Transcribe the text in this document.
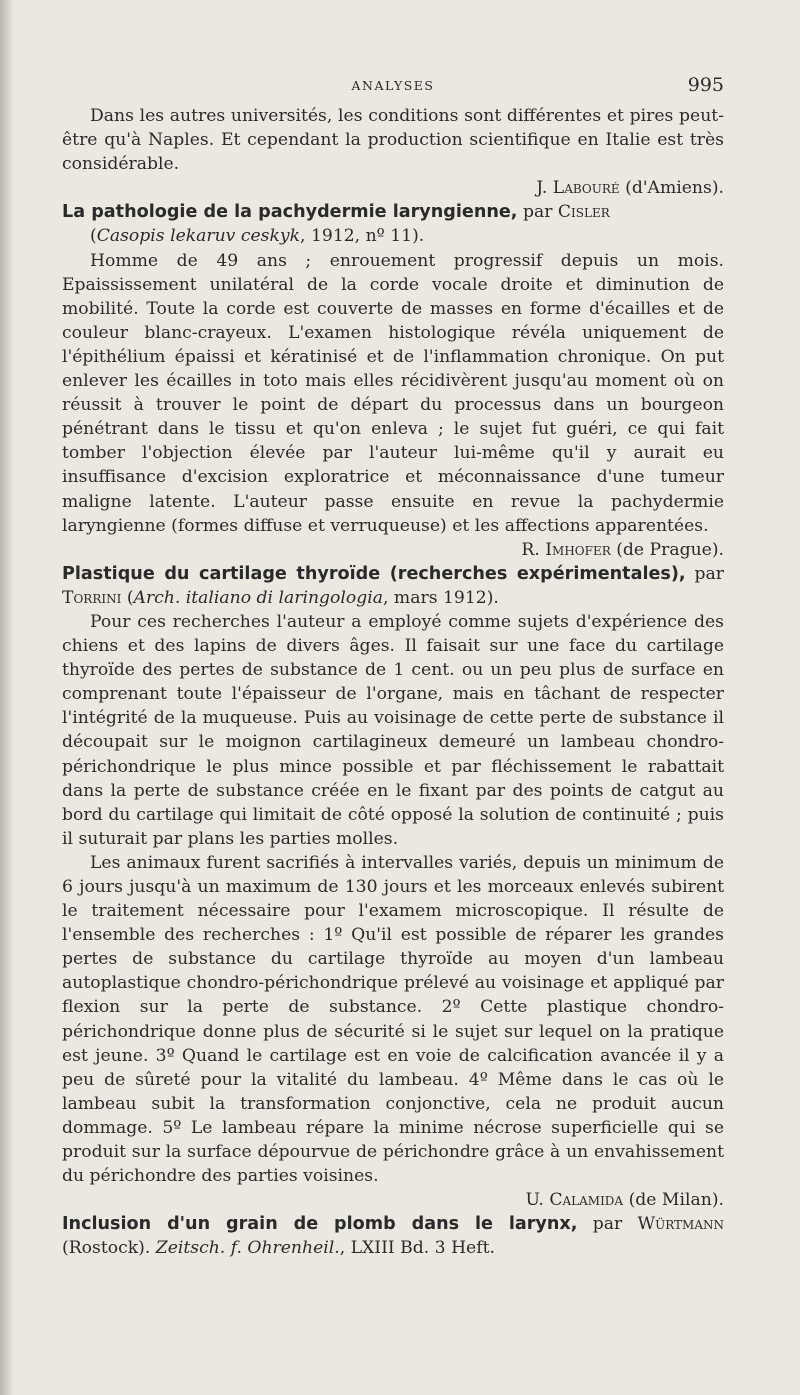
ANALYSES	995

Dans les autres universités, les conditions sont différentes et pires peut-être qu'à Naples. Et cependant la production scientifique en Italie est très considérable.

J. Labouré (d'Amiens).

La pathologie de la pachydermie laryngienne, par Cisler

(Casopis lekaruv ceskyk, 1912, nº 11).

Homme de 49 ans ; enrouement progressif depuis un mois. Epaississement unilatéral de la corde vocale droite et diminution de mobilité. Toute la corde est couverte de masses en forme d'écailles et de couleur blanc-crayeux. L'examen histologique révéla uniquement de l'épithélium épaissi et kératinisé et de l'inflammation chronique. On put enlever les écailles in toto mais elles récidivèrent jusqu'au moment où on réussit à trouver le point de départ du processus dans un bourgeon pénétrant dans le tissu et qu'on enleva ; le sujet fut guéri, ce qui fait tomber l'objection élevée par l'auteur lui-même qu'il y aurait eu insuffisance d'excision exploratrice et méconnaissance d'une tumeur maligne latente. L'auteur passe ensuite en revue la pachydermie laryngienne (formes diffuse et verruqueuse) et les affections apparentées.

R. Imhofer (de Prague).

Plastique du cartilage thyroïde (recherches expérimentales), par Torrini (Arch. italiano di laringologia, mars 1912).

Pour ces recherches l'auteur a employé comme sujets d'expérience des chiens et des lapins de divers âges. Il faisait sur une face du cartilage thyroïde des pertes de substance de 1 cent. ou un peu plus de surface en comprenant toute l'épaisseur de l'organe, mais en tâchant de respecter l'intégrité de la muqueuse. Puis au voisinage de cette perte de substance il découpait sur le moignon cartilagineux demeuré un lambeau chondro-périchondrique le plus mince possible et par fléchissement le rabattait dans la perte de substance créée en le fixant par des points de catgut au bord du cartilage qui limitait de côté opposé la solution de continuité ; puis il suturait par plans les parties molles.

Les animaux furent sacrifiés à intervalles variés, depuis un minimum de 6 jours jusqu'à un maximum de 130 jours et les morceaux enlevés subirent le traitement nécessaire pour l'examem microscopique. Il résulte de l'ensemble des recherches : 1º Qu'il est possible de réparer les grandes pertes de substance du cartilage thyroïde au moyen d'un lambeau autoplastique chondro-périchondrique prélevé au voisinage et appliqué par flexion sur la perte de substance. 2º Cette plastique chondro-périchondrique donne plus de sécurité si le sujet sur lequel on la pratique est jeune. 3º Quand le cartilage est en voie de calcification avancée il y a peu de sûreté pour la vitalité du lambeau. 4º Même dans le cas où le lambeau subit la transformation conjonctive, cela ne produit aucun dommage. 5º Le lambeau répare la minime nécrose superficielle qui se produit sur la surface dépourvue de périchondre grâce à un envahissement du périchondre des parties voisines.

U. Calamida (de Milan).

Inclusion d'un grain de plomb dans le larynx, par Würtmann (Rostock). Zeitsch. f. Ohrenheil., LXIII Bd. 3 Heft.
